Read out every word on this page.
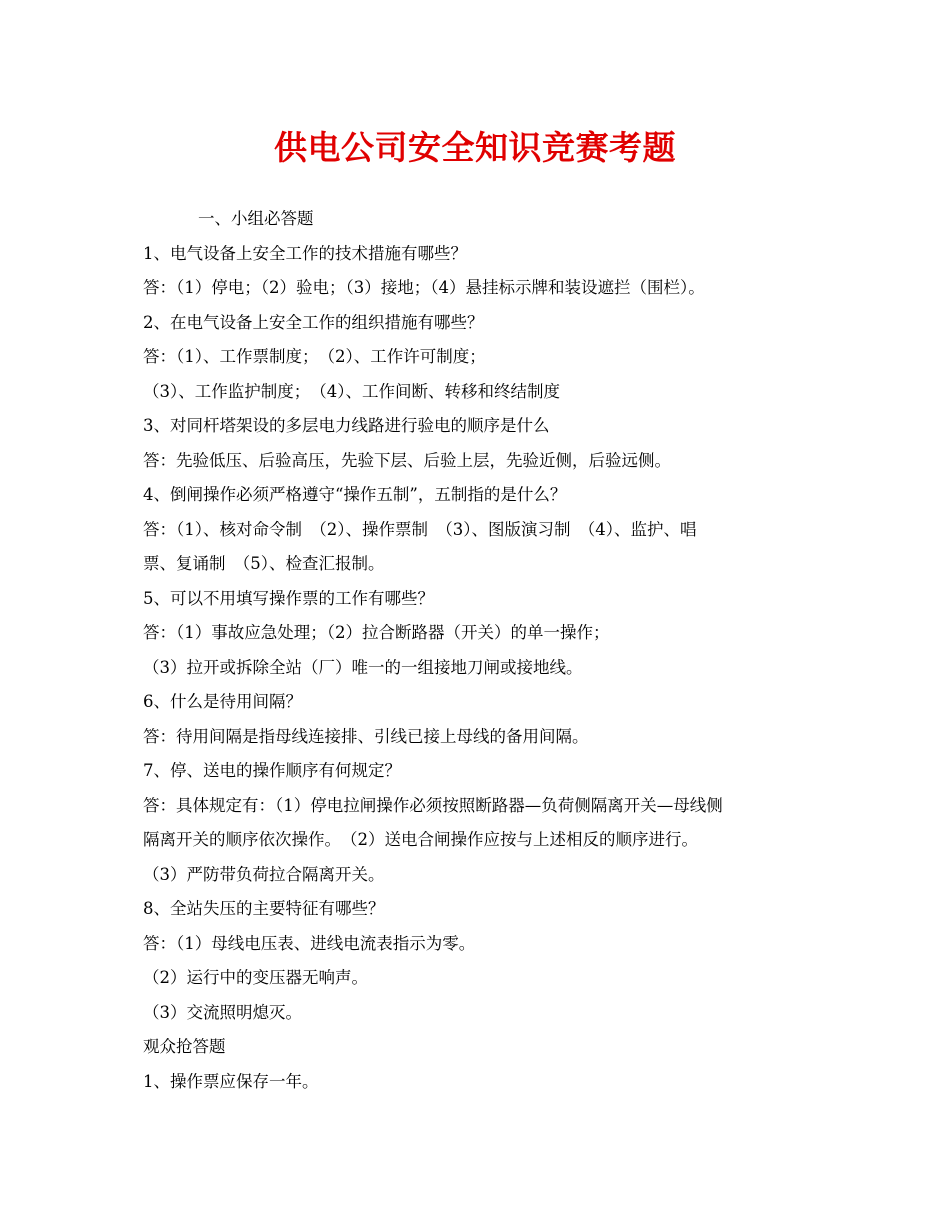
供电公司安全知识竞赛考题
一、小组必答题
1、电气设备上安全工作的技术措施有哪些？
答：（1）停电；（2）验电；（3）接地；（4）悬挂标示牌和装设遮拦（围栏）。
2、在电气设备上安全工作的组织措施有哪些？
答：（1）、工作票制度；　（2）、工作许可制度；
（3）、工作监护制度；　（4）、工作间断、转移和终结制度
3、对同杆塔架设的多层电力线路进行验电的顺序是什么
答：先验低压、后验高压，先验下层、后验上层，先验近侧，后验远侧。
4、倒闸操作必须严格遵守“操作五制”，五制指的是什么？
答：（1）、核对命令制　（2）、操作票制　（3）、图版演习制　（4）、监护、唱
票、复诵制　（5）、检查汇报制。
5、可以不用填写操作票的工作有哪些？
答：（1）事故应急处理；（2）拉合断路器（开关）的单一操作；
（3）拉开或拆除全站（厂）唯一的一组接地刀闸或接地线。
6、什么是待用间隔？
答：待用间隔是指母线连接排、引线已接上母线的备用间隔。
7、停、送电的操作顺序有何规定？
答：具体规定有：（1）停电拉闸操作必须按照断路器—负荷侧隔离开关—母线侧
隔离开关的顺序依次操作。　（2）送电合闸操作应按与上述相反的顺序进行。
（3）严防带负荷拉合隔离开关。
8、全站失压的主要特征有哪些？
答：（1）母线电压表、进线电流表指示为零。
（2）运行中的变压器无响声。
（3）交流照明熄灭。
观众抢答题
1、操作票应保存一年。
